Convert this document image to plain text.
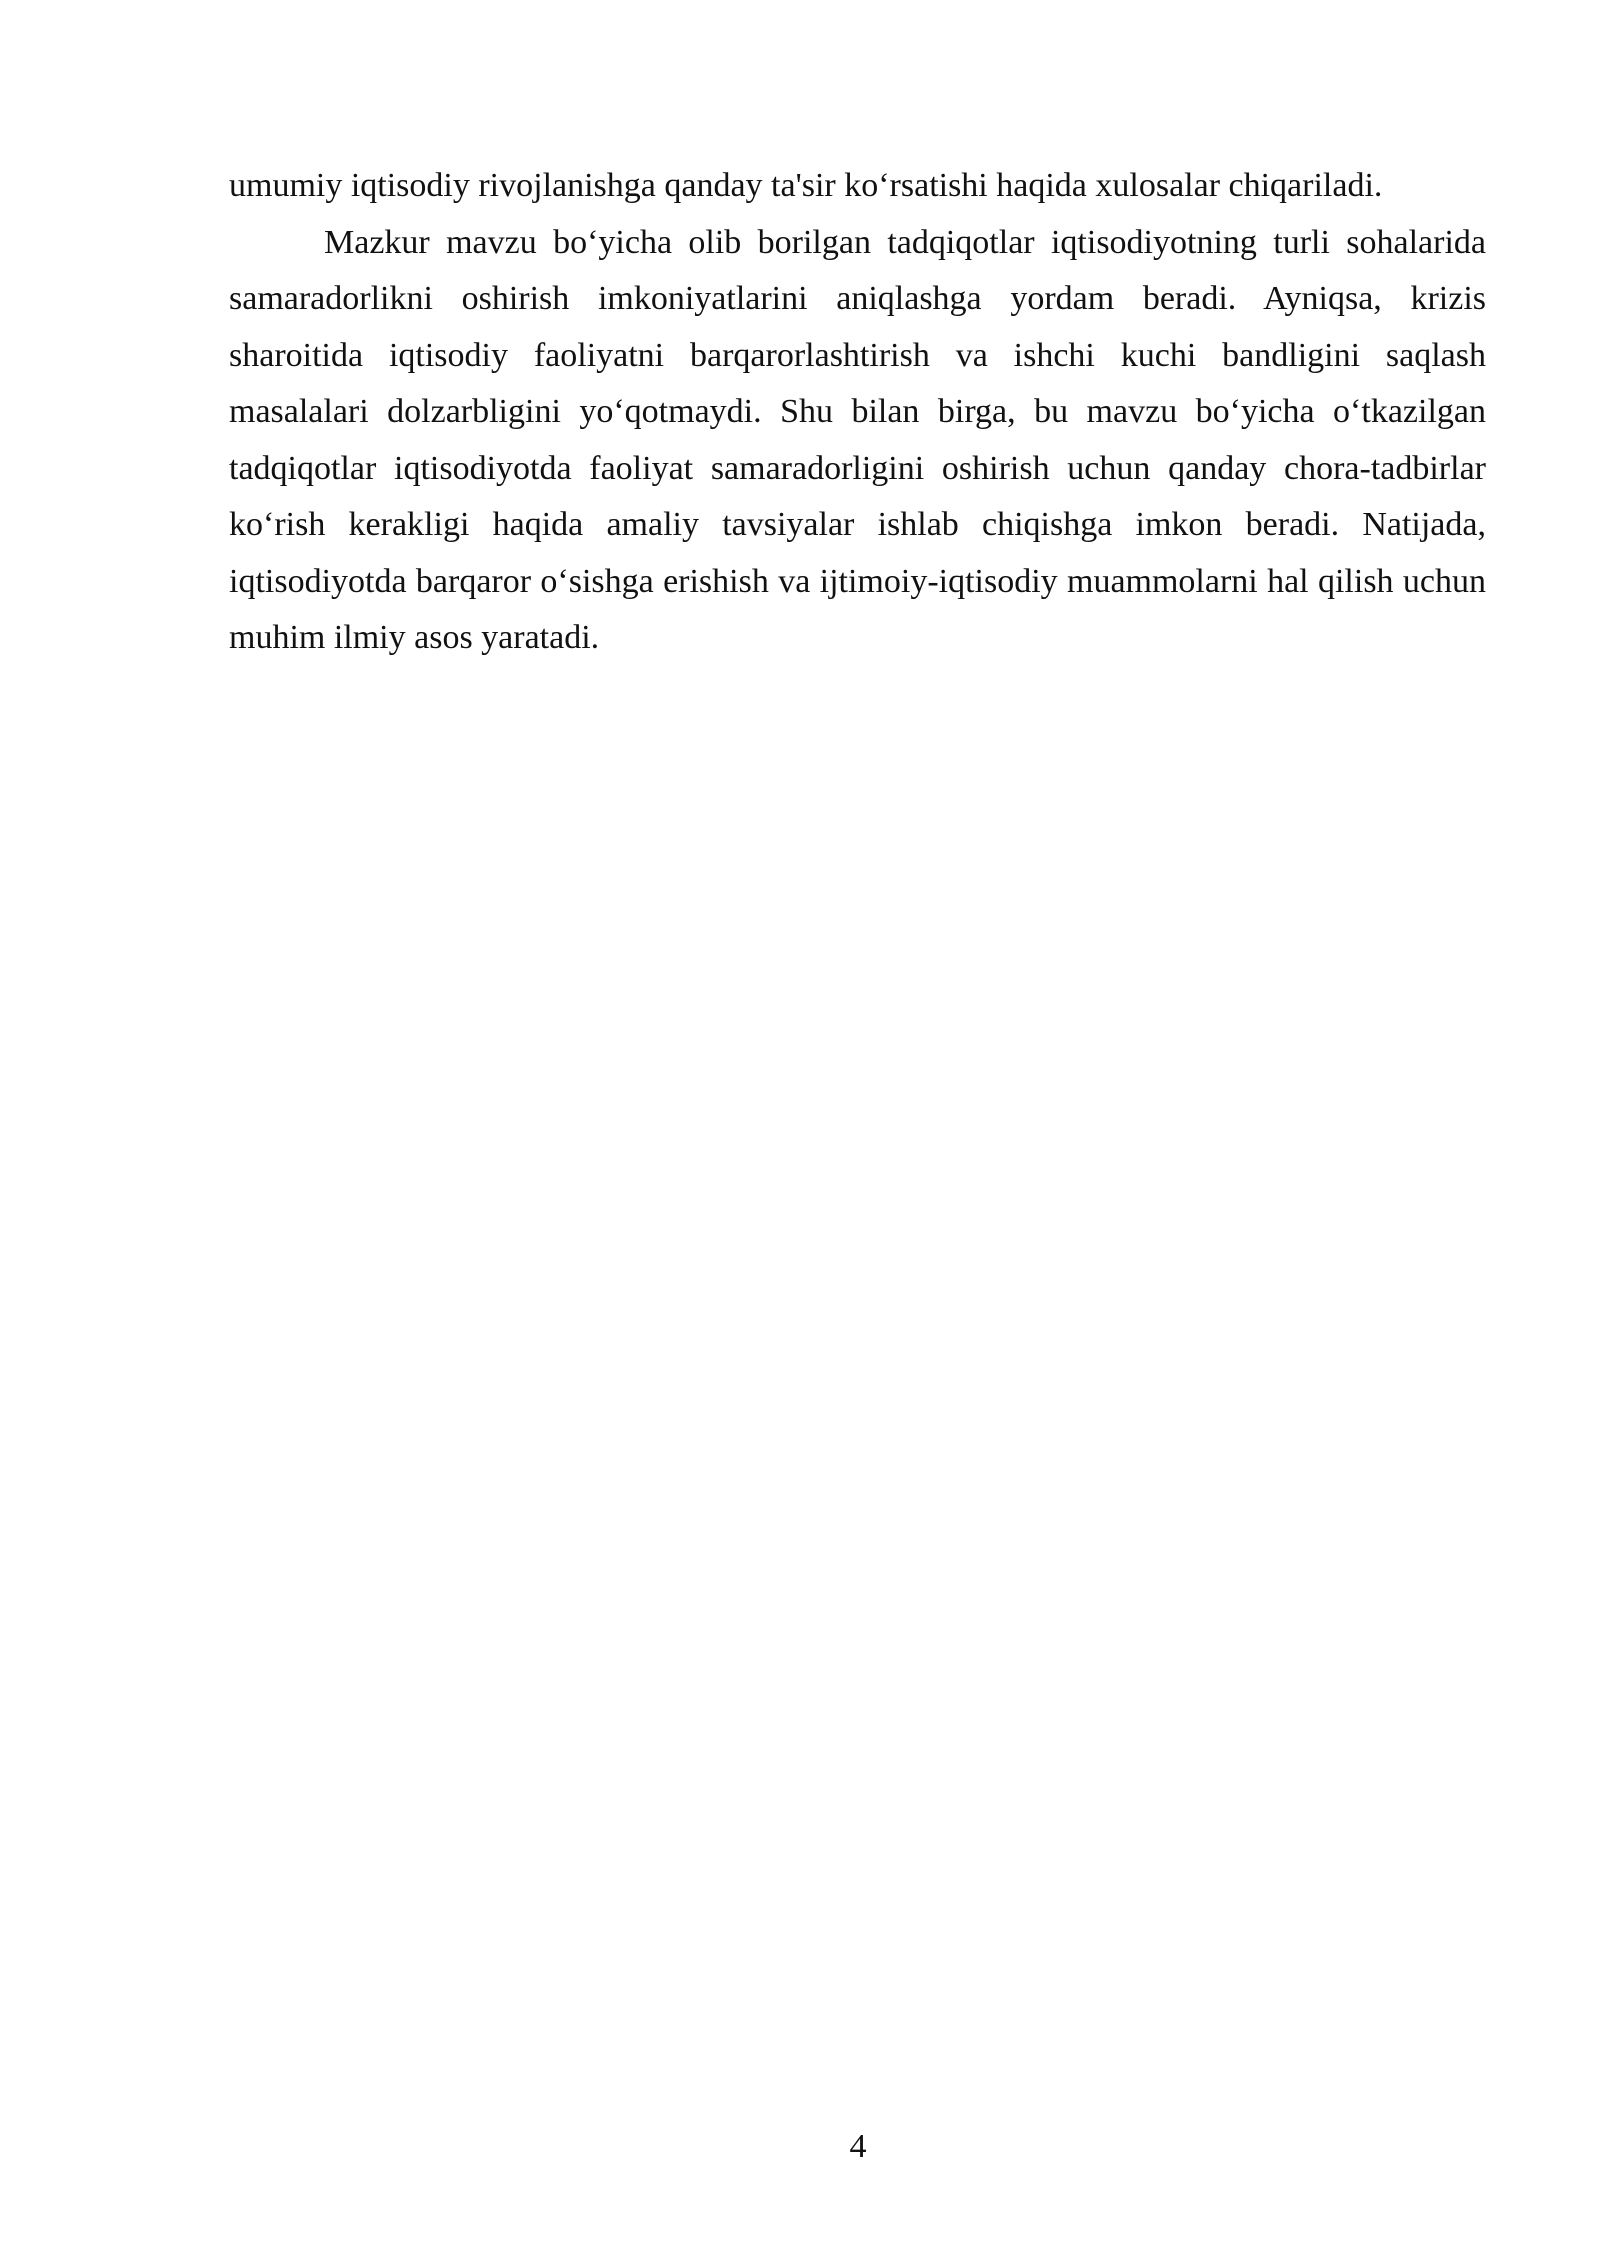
umumiy iqtisodiy rivojlanishga qanday ta'sir ko‘rsatishi haqida xulosalar chiqariladi.

Mazkur mavzu bo‘yicha olib borilgan tadqiqotlar iqtisodiyotning turli sohalarida samaradorlikni oshirish imkoniyatlarini aniqlashga yordam beradi. Ayniqsa, krizis sharoitida iqtisodiy faoliyatni barqarorlashtirish va ishchi kuchi bandligini saqlash masalalari dolzarbligini yo‘qotmaydi. Shu bilan birga, bu mavzu bo‘yicha o‘tkazilgan tadqiqotlar iqtisodiyotda faoliyat samaradorligini oshirish uchun qanday chora-tadbirlar ko‘rish kerakligi haqida amaliy tavsiyalar ishlab chiqishga imkon beradi. Natijada, iqtisodiyotda barqaror o‘sishga erishish va ijtimoiy-iqtisodiy muammolarni hal qilish uchun muhim ilmiy asos yaratadi.

4
